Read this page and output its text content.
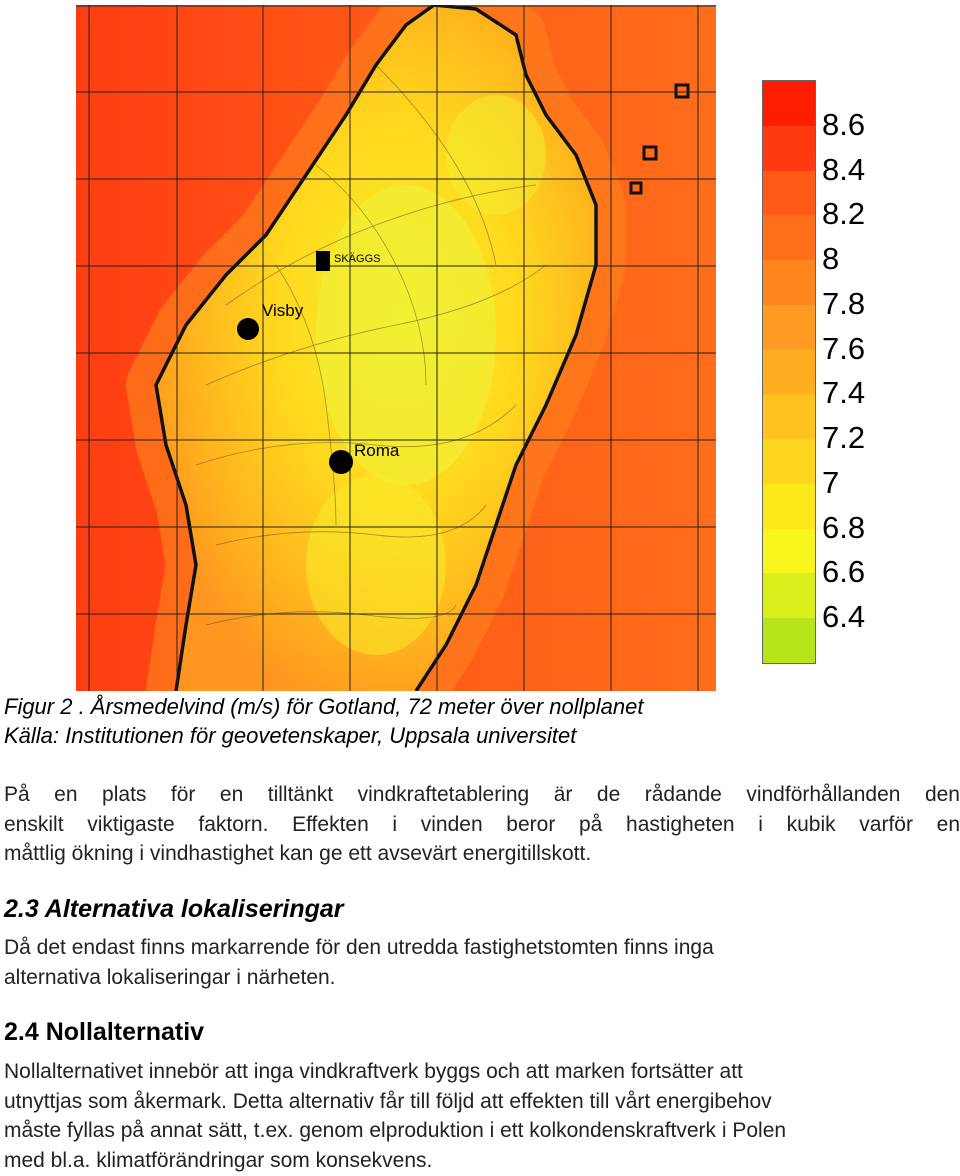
SKÄGGS
Visby
Roma
8.6
8.4
8.2
8
7.8
7.6
7.4
7.2
7
6.8
6.6
6.4
Figur 2 . Årsmedelvind (m/s) för Gotland, 72 meter över nollplanet
Källa: Institutionen för geovetenskaper, Uppsala universitet
På en plats för en tilltänkt vindkraftetablering är de rådande vindförhållanden den
enskilt viktigaste faktorn. Effekten i vinden beror på hastigheten i kubik varför en
måttlig ökning i vindhastighet kan ge ett avsevärt energitillskott.
2.3 Alternativa lokaliseringar
Då det endast finns markarrende för den utredda fastighetstomten finns inga
alternativa lokaliseringar i närheten.
2.4 Nollalternativ
Nollalternativet innebör att inga vindkraftverk byggs och att marken fortsätter att
utnyttjas som åkermark. Detta alternativ får till följd att effekten till vårt energibehov
måste fyllas på annat sätt, t.ex. genom elproduktion i ett kolkondenskraftverk i Polen
med bl.a. klimatförändringar som konsekvens.
